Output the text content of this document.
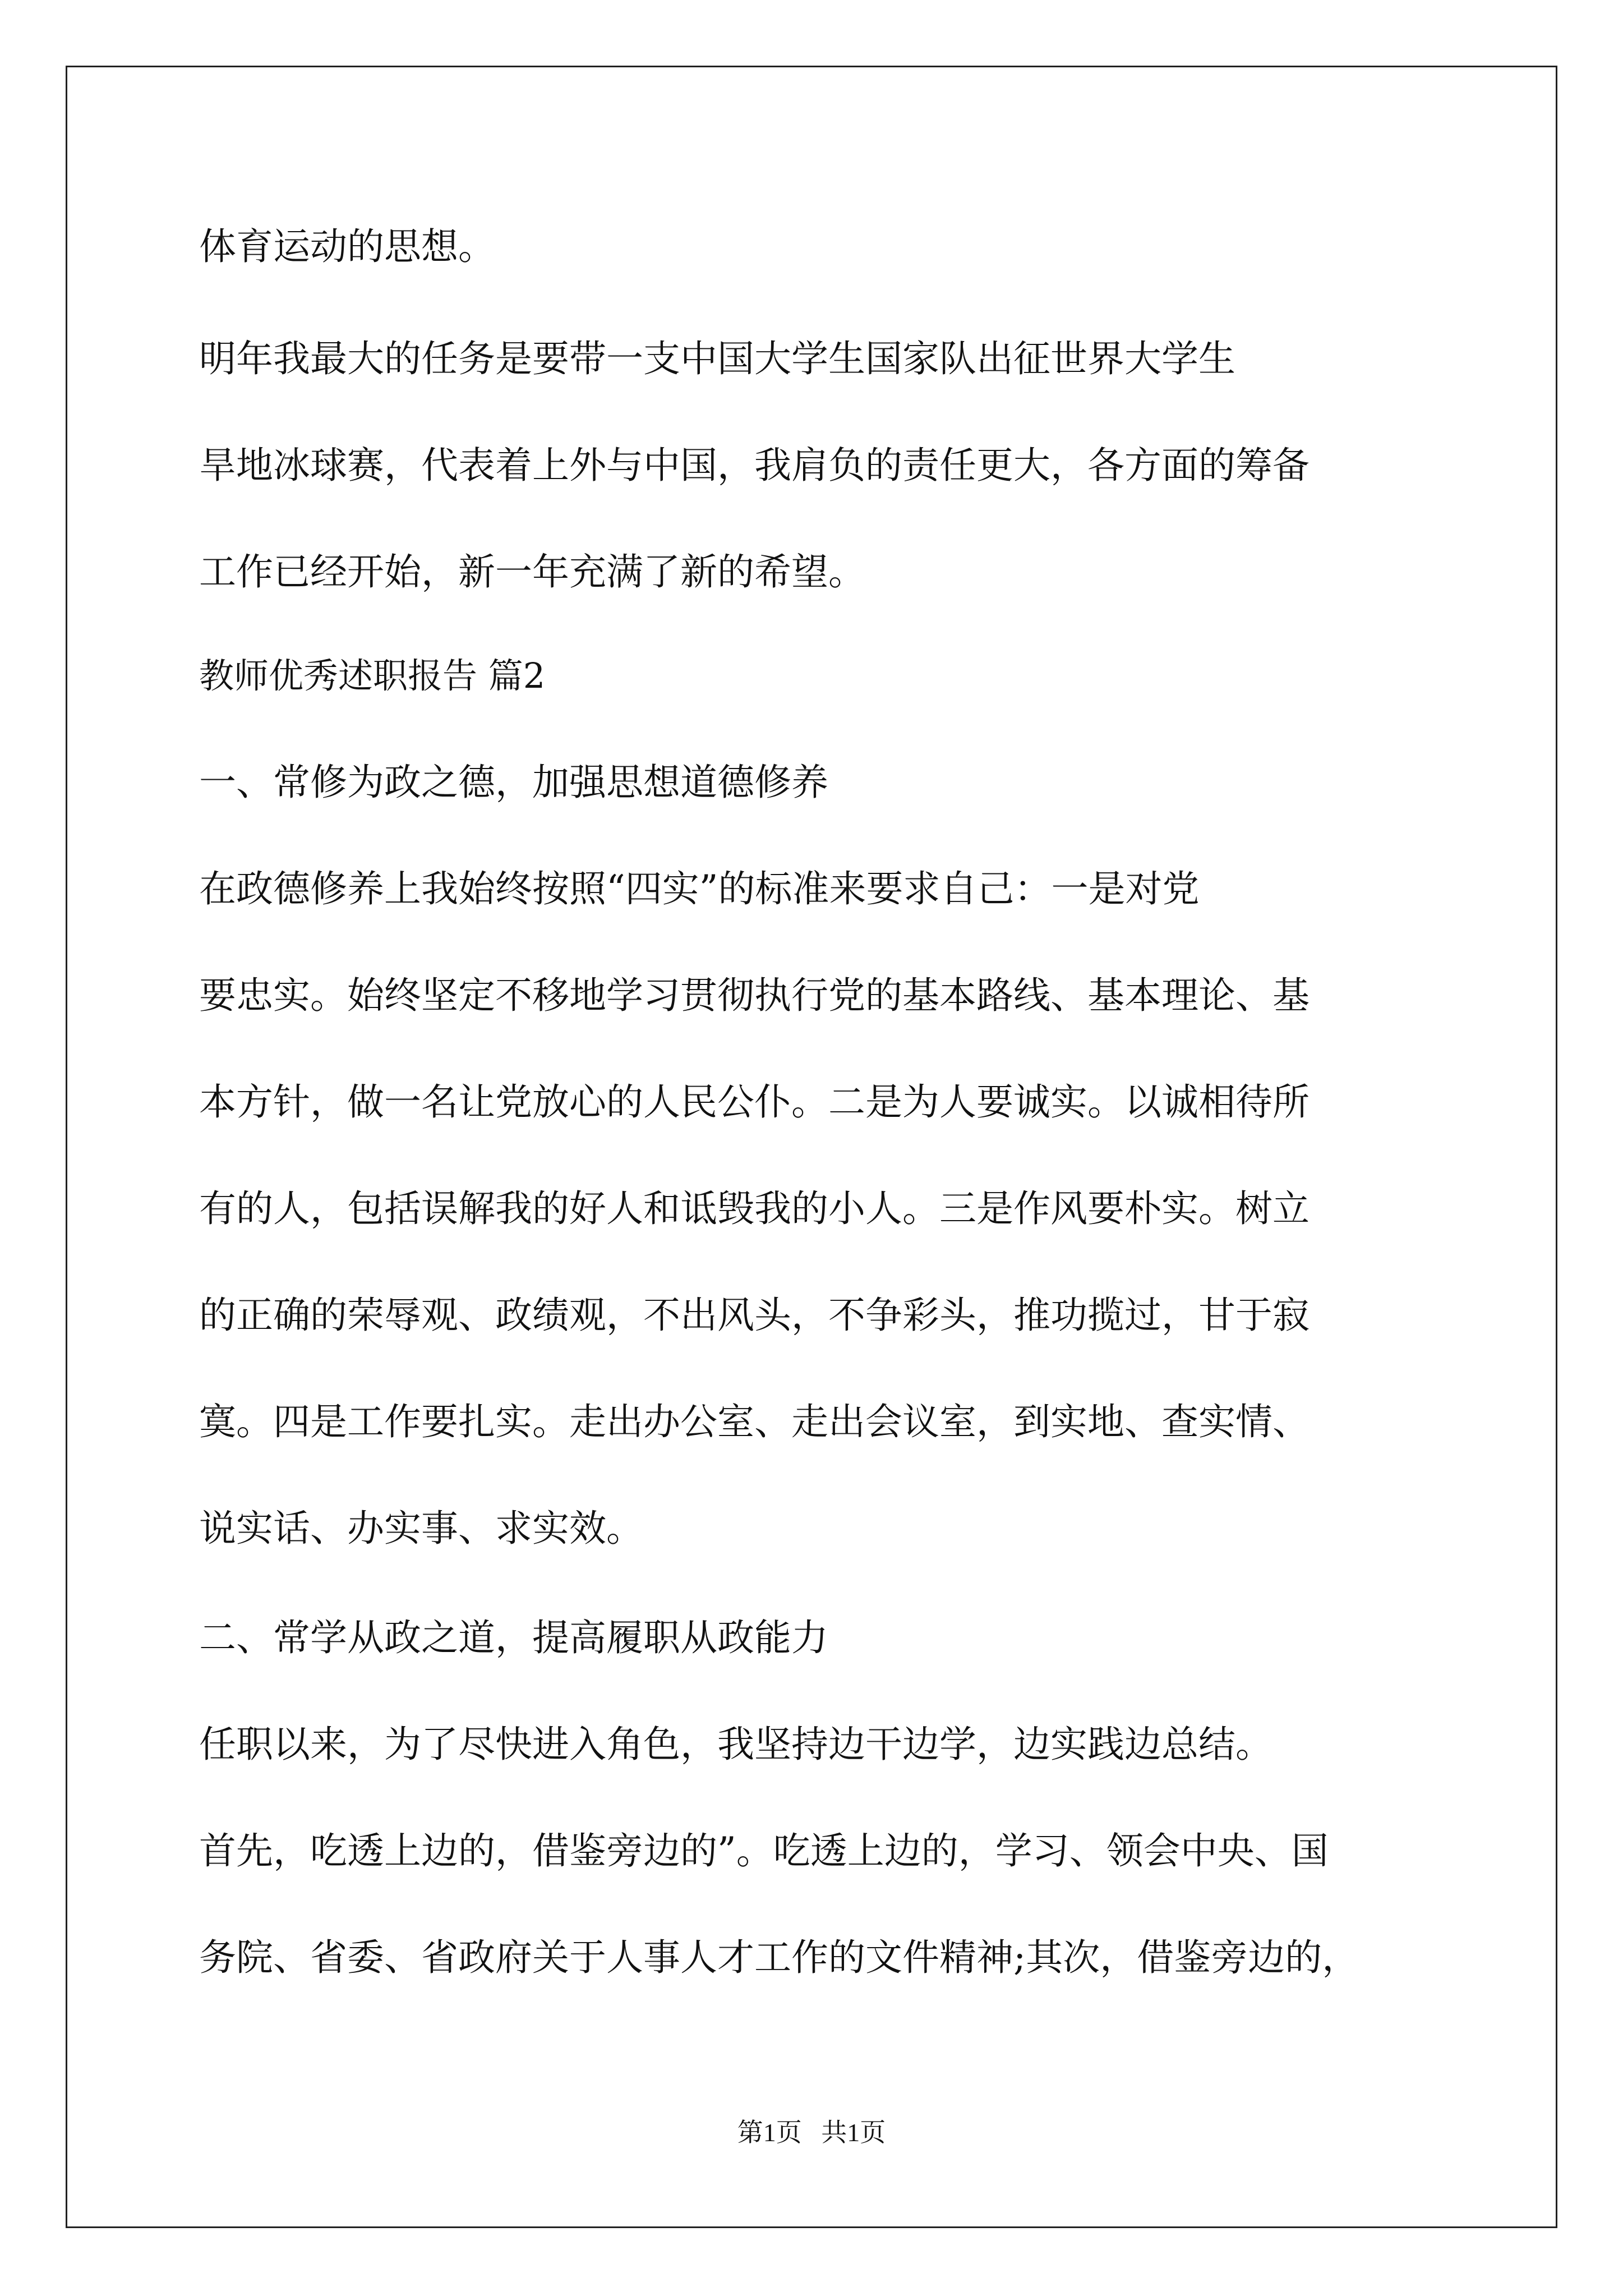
体育运动的思想。

明年我最大的任务是要带一支中国大学生国家队出征世界大学生

旱地冰球赛，代表着上外与中国，我肩负的责任更大，各方面的筹备

工作已经开始，新一年充满了新的希望。

教师优秀述职报告 篇2

一、常修为政之德，加强思想道德修养

在政德修养上我始终按照“四实”的标准来要求自己：一是对党

要忠实。始终坚定不移地学习贯彻执行党的基本路线、基本理论、基

本方针，做一名让党放心的人民公仆。二是为人要诚实。以诚相待所

有的人，包括误解我的好人和诋毁我的小人。三是作风要朴实。树立

的正确的荣辱观、政绩观，不出风头，不争彩头，推功揽过，甘于寂

寞。四是工作要扎实。走出办公室、走出会议室，到实地、查实情、

说实话、办实事、求实效。

二、常学从政之道，提高履职从政能力

任职以来，为了尽快进入角色，我坚持边干边学，边实践边总结。

首先，吃透上边的，借鉴旁边的”。吃透上边的，学习、领会中央、国

务院、省委、省政府关于人事人才工作的文件精神;其次，借鉴旁边的，

第1页   共1页
